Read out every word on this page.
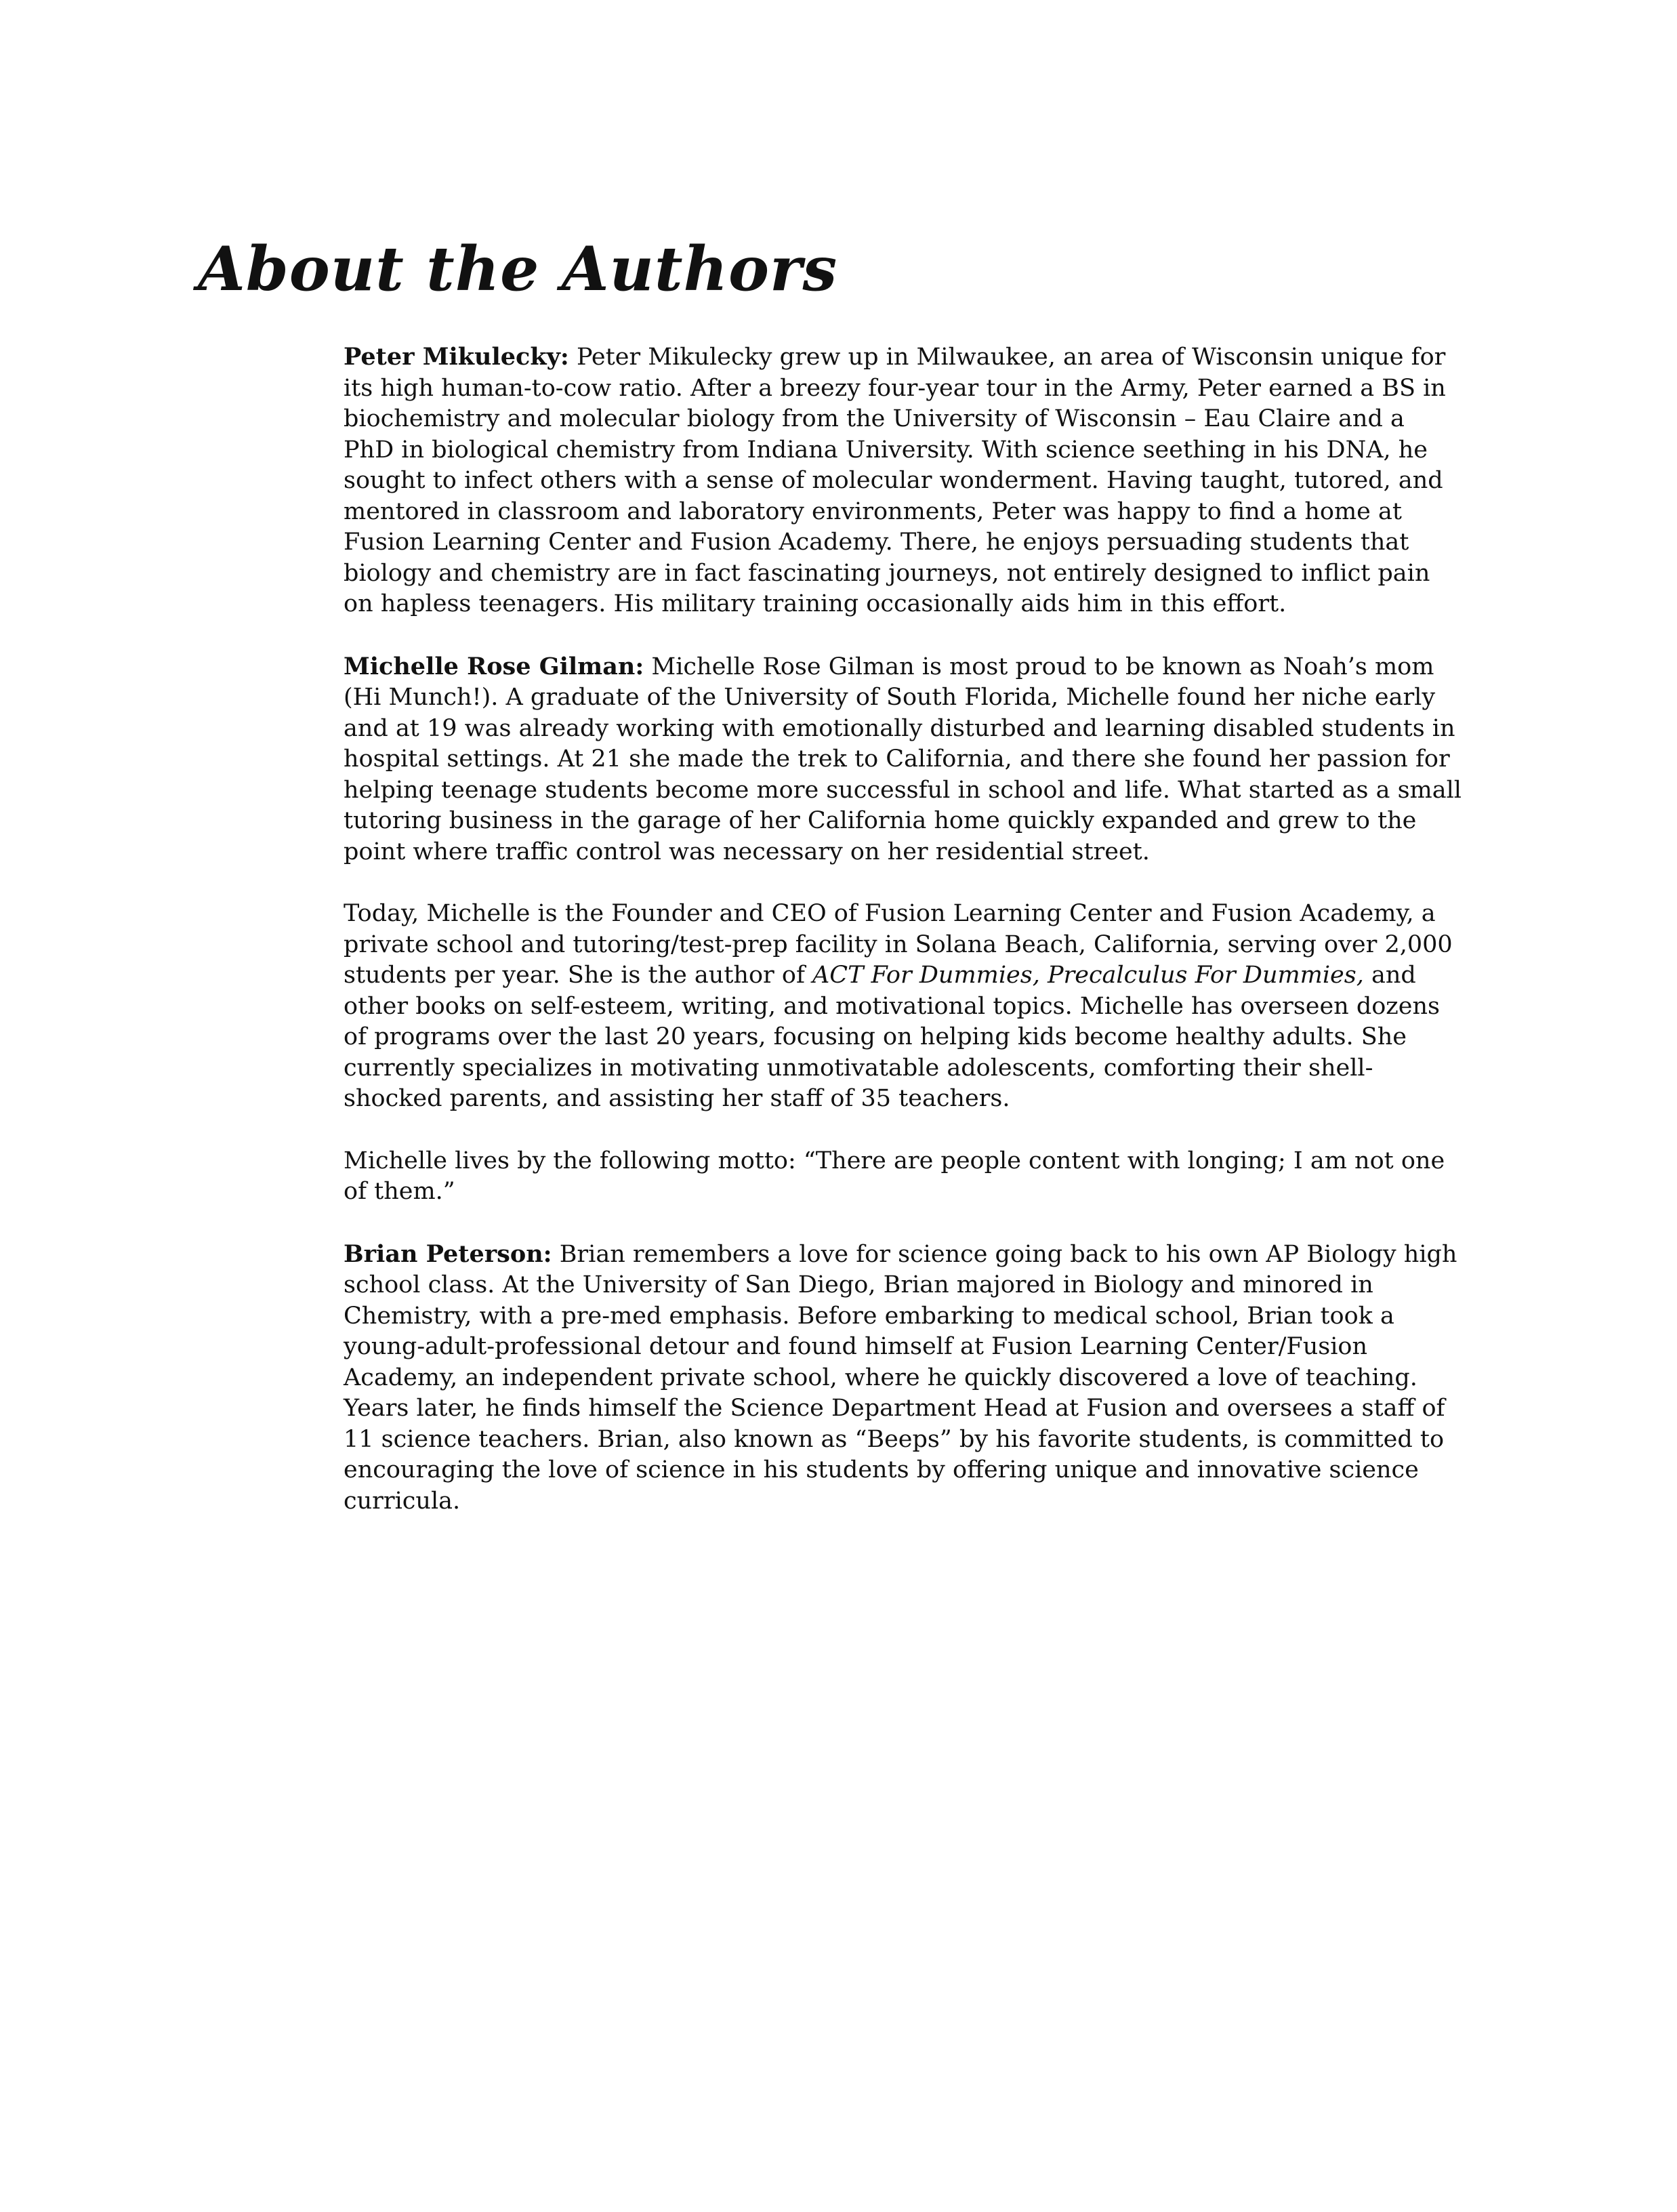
About the Authors

Peter Mikulecky: Peter Mikulecky grew up in Milwaukee, an area of Wisconsin unique for its high human-to-cow ratio. After a breezy four-year tour in the Army, Peter earned a BS in biochemistry and molecular biology from the University of Wisconsin – Eau Claire and a PhD in biological chemistry from Indiana University. With science seething in his DNA, he sought to infect others with a sense of molecular wonderment. Having taught, tutored, and mentored in classroom and laboratory environments, Peter was happy to find a home at Fusion Learning Center and Fusion Academy. There, he enjoys persuading students that biology and chemistry are in fact fascinating journeys, not entirely designed to inflict pain on hapless teenagers. His military training occasionally aids him in this effort.

Michelle Rose Gilman: Michelle Rose Gilman is most proud to be known as Noah’s mom (Hi Munch!). A graduate of the University of South Florida, Michelle found her niche early and at 19 was already working with emotionally disturbed and learning disabled students in hospital settings. At 21 she made the trek to California, and there she found her passion for helping teenage students become more successful in school and life. What started as a small tutoring business in the garage of her California home quickly expanded and grew to the point where traffic control was necessary on her residential street.

Today, Michelle is the Founder and CEO of Fusion Learning Center and Fusion Academy, a private school and tutoring/test-prep facility in Solana Beach, California, serving over 2,000 students per year. She is the author of ACT For Dummies, Precalculus For Dummies, and other books on self-esteem, writing, and motivational topics. Michelle has overseen dozens of programs over the last 20 years, focusing on helping kids become healthy adults. She currently specializes in motivating unmotivatable adolescents, comforting their shell-shocked parents, and assisting her staff of 35 teachers.

Michelle lives by the following motto: “There are people content with longing; I am not one of them.”

Brian Peterson: Brian remembers a love for science going back to his own AP Biology high school class. At the University of San Diego, Brian majored in Biology and minored in Chemistry, with a pre-med emphasis. Before embarking to medical school, Brian took a young-adult-professional detour and found himself at Fusion Learning Center/Fusion Academy, an independent private school, where he quickly discovered a love of teaching. Years later, he finds himself the Science Department Head at Fusion and oversees a staff of 11 science teachers. Brian, also known as “Beeps” by his favorite students, is committed to encouraging the love of science in his students by offering unique and innovative science curricula.
